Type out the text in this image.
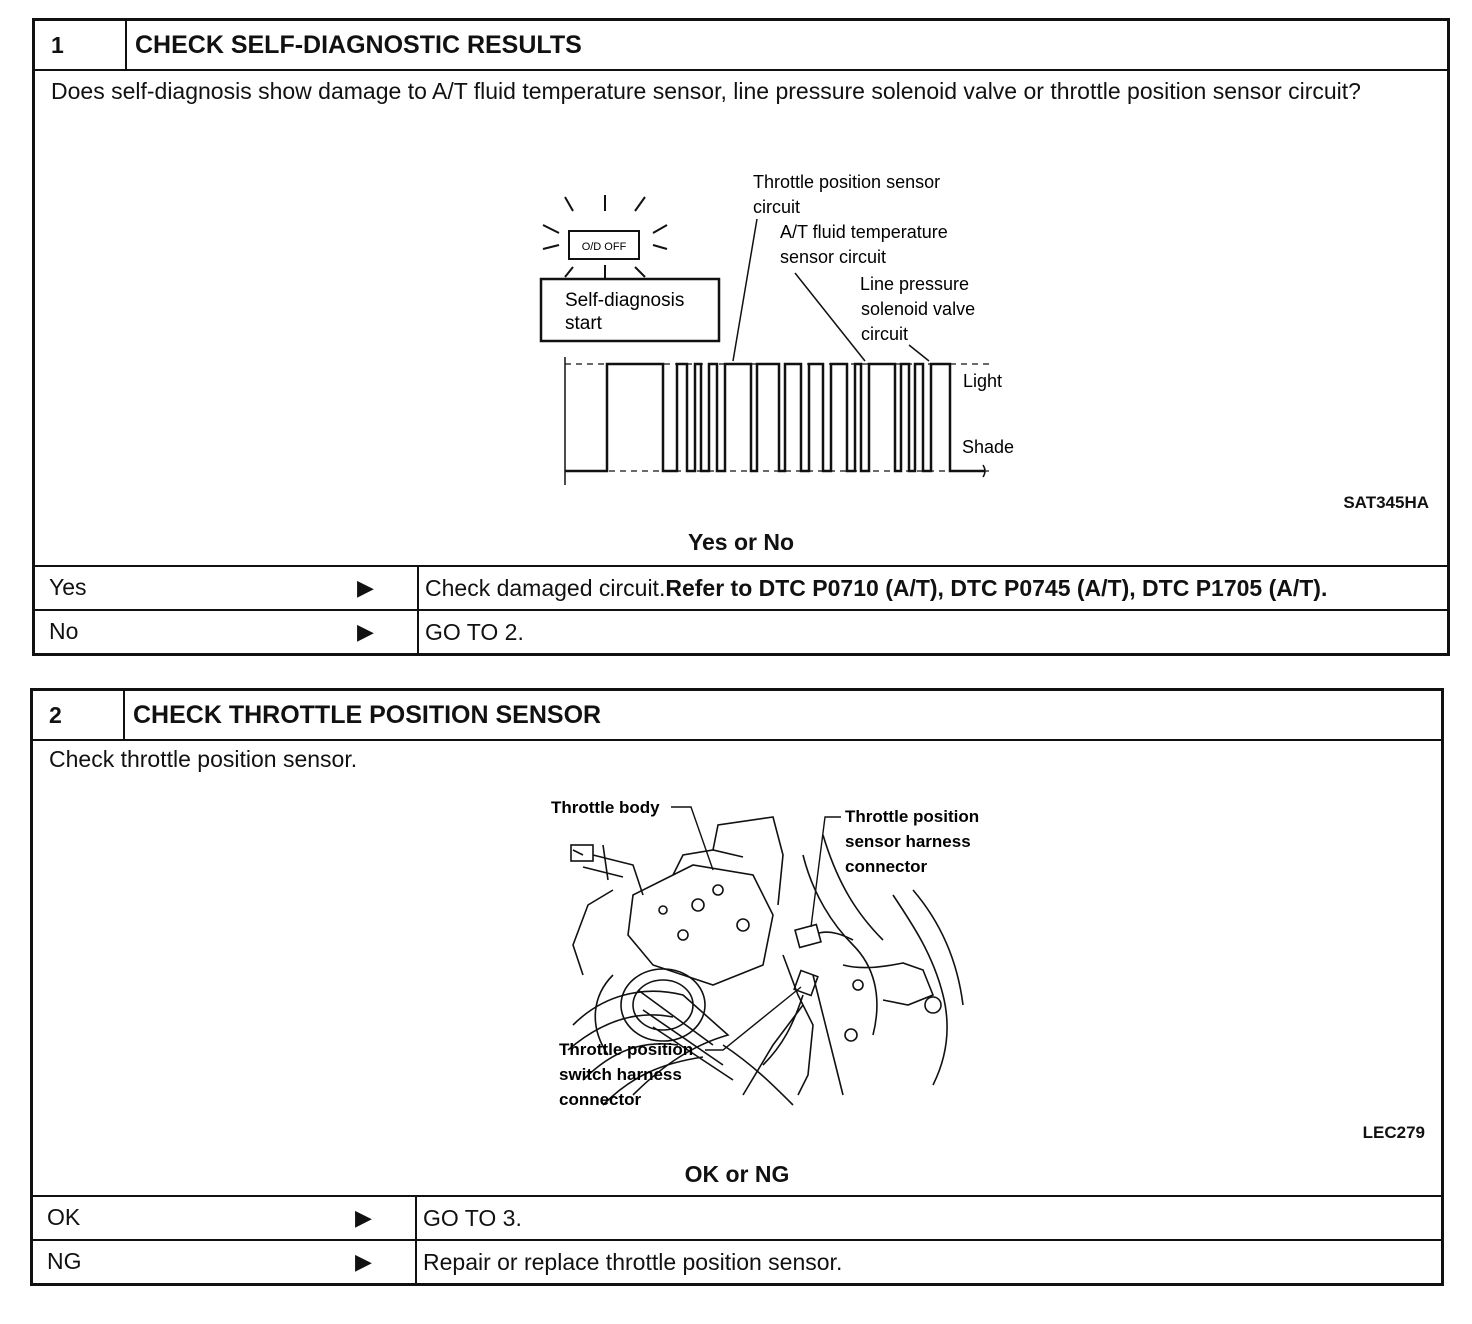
1	CHECK SELF-DIAGNOSTIC RESULTS
Does self-diagnosis show damage to A/T fluid temperature sensor, line pressure solenoid valve or throttle position sensor circuit?
O/D OFF
Self-diagnosis
start
Throttle position sensor
circuit
A/T fluid temperature
sensor circuit
Line pressure
solenoid valve
circuit
Light
Shade
SAT345HA
Yes or No
Yes	▶ Check damaged circuit.Refer to DTC P0710 (A/T), DTC P0745 (A/T), DTC P1705 (A/T).
No	▶ GO TO 2.
2	CHECK THROTTLE POSITION SENSOR
Check throttle position sensor.
Throttle body	Throttle position
sensor harness
connector
Throttle position
switch harness
connector
LEC279
OK or NG
OK	▶ GO TO 3.
NG	▶ Repair or replace throttle position sensor.
